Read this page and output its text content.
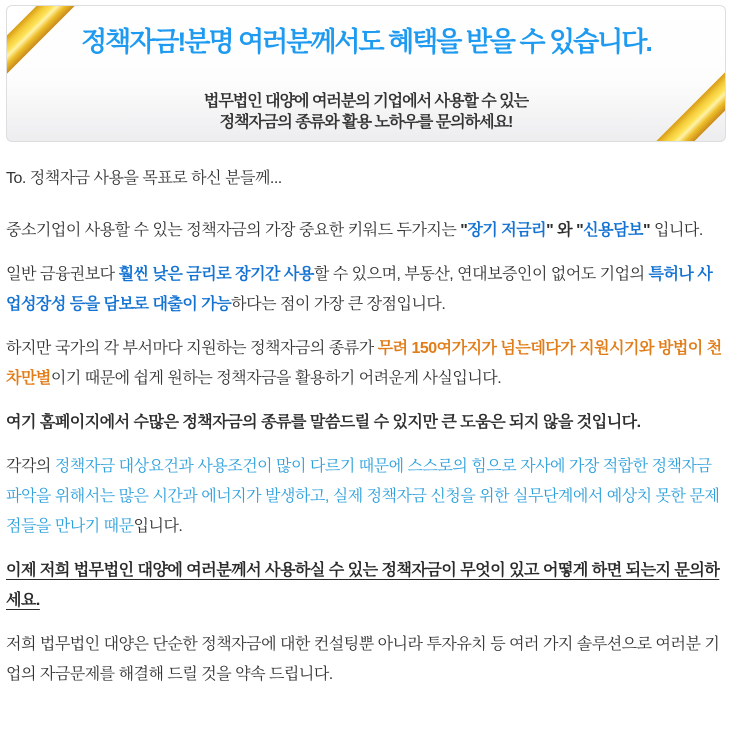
정책자금!분명 여러분께서도 혜택을 받을 수 있습니다.
법무법인 대양에 여러분의 기업에서 사용할 수 있는
정책자금의 종류와 활용 노하우를 문의하세요!

To. 정책자금 사용을 목표로 하신 분들께...

중소기업이 사용할 수 있는 정책자금의 가장 중요한 키워드 두가지는 "장기 저금리" 와 "신용담보" 입니다.

일반 금융권보다 훨씬 낮은 금리로 장기간 사용할 수 있으며, 부동산, 연대보증인이 없어도 기업의 특허나 사업성장성 등을 담보로 대출이 가능하다는 점이 가장 큰 장점입니다.

하지만 국가의 각 부서마다 지원하는 정책자금의 종류가 무려 150여가지가 넘는데다가 지원시기와 방법이 천차만별이기 때문에 쉽게 원하는 정책자금을 활용하기 어려운게 사실입니다.

여기 홈페이지에서 수많은 정책자금의 종류를 말씀드릴 수 있지만 큰 도움은 되지 않을 것입니다.

각각의 정책자금 대상요건과 사용조건이 많이 다르기 때문에 스스로의 힘으로 자사에 가장 적합한 정책자금 파악을 위해서는 많은 시간과 에너지가 발생하고, 실제 정책자금 신청을 위한 실무단계에서 예상치 못한 문제점들을 만나기 때문입니다.

이제 저희 법무법인 대양에 여러분께서 사용하실 수 있는 정책자금이 무엇이 있고 어떻게 하면 되는지 문의하세요.

저희 법무법인 대양은 단순한 정책자금에 대한 컨설팅뿐 아니라 투자유치 등 여러 가지 솔루션으로 여러분 기업의 자금문제를 해결해 드릴 것을 약속 드립니다.
